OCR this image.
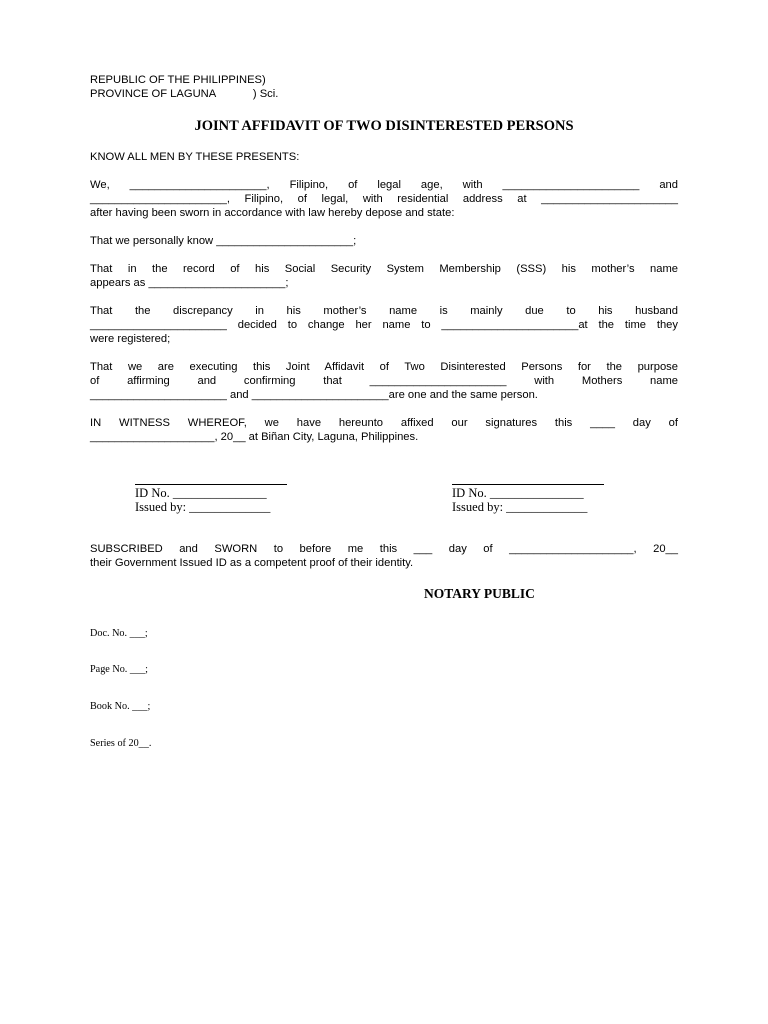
REPUBLIC OF THE PHILIPPINES)
PROVINCE OF LAGUNA            ) Sci.
JOINT AFFIDAVIT OF TWO DISINTERESTED PERSONS
KNOW ALL MEN BY THESE PRESENTS:
We, ______________________, Filipino, of legal age, with ______________________ and
______________________, Filipino, of legal, with residential address at ______________________
after having been sworn in accordance with law hereby depose and state:
That we personally know ______________________;
That in the record of his Social Security System Membership (SSS) his mother’s name
appears as ______________________;
That the discrepancy in his mother’s name is mainly due to his husband
______________________ decided to change her name to ______________________at the time they
were registered;
That we are executing this Joint Affidavit of Two Disinterested Persons for the purpose
of affirming and confirming that ______________________ with Mothers name
______________________ and ______________________are one and the same person.
IN WITNESS WHEREOF, we have hereunto affixed our signatures this ____ day of
____________________, 20__ at Biñan City, Laguna, Philippines.
ID No. _______________
Issued by: _____________
ID No. _______________
Issued by: _____________
SUBSCRIBED and SWORN to before me this ___ day of ____________________, 20__
their Government Issued ID as a competent proof of their identity.
NOTARY PUBLIC

Doc. No. ___;

Page No. ___;

Book No. ___;

Series of 20__.
